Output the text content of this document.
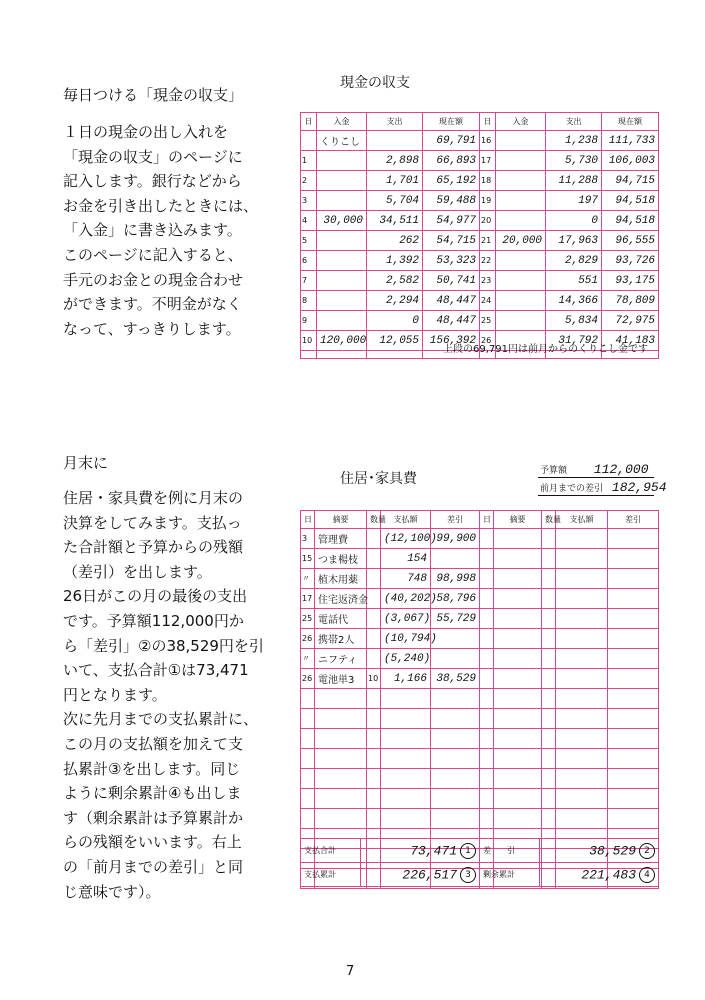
毎日つける「現金の収支」

１日の現金の出し入れを

「現金の収支」のページに

記入します。銀行などから

お金を引き出したときには、

「入金」に書き込みます。

このページに記入すると、

手元のお金との現金合わせ

ができます。不明金がなく

なって、すっきりします。

現金の収支
日	入金	支出	現在額	日	入金	支出	現在額
	くりこし		69,791	16		1,238	111,733
1		2,898	66,893	17		5,730	106,003
2		1,701	65,192	18		11,288	94,715
3		5,704	59,488	19		197	94,518
4	30,000	34,511	54,977	20		0	94,518
5		262	54,715	21	20,000	17,963	96,555
6		1,392	53,323	22		2,829	93,726
7		2,582	50,741	23		551	93,175
8		2,294	48,447	24		14,366	78,809
9		0	48,447	25		5,834	72,975
10	120,000	12,055	156,392	26		31,792	41,183

上段の69,791円は前月からのくりこし金です
月末に

住居・家具費を例に月末の

決算をしてみます。支払っ

た合計額と予算からの残額

（差引）を出します。

26日がこの月の最後の支出

です。予算額112,000円か

ら「差引」②の38,529円を引

いて、支払合計①は73,471

円となります。

次に先月までの支払累計に、

この月の支払額を加えて支

払累計③を出します。同じ

ように剰余累計④も出しま

す（剰余累計は予算累計か

らの残額をいいます。右上

の「前月までの差引」と同

じ意味です）。

住居･家具費	予算額 112,000
前月までの差引 182,954
日	摘要	数量	支払額	差引	日	摘要	数量	支払額	差引
3	管理費		(12,100)	99,900					
15	つま楊枝		154						
〃	植木用薬		748	98,998					
17	住宅返済金		(40,202)	58,796					
25	電話代		(3,067)	55,729					
26	携帯2人		(10,794)						
〃	ニフティ		(5,240)						
26	電池単3	10	1,166	38,529					

支払合計	73,471 1	差　　引	38,529 2
支払累計	226,517 3	剰余累計	221,483 4
7
